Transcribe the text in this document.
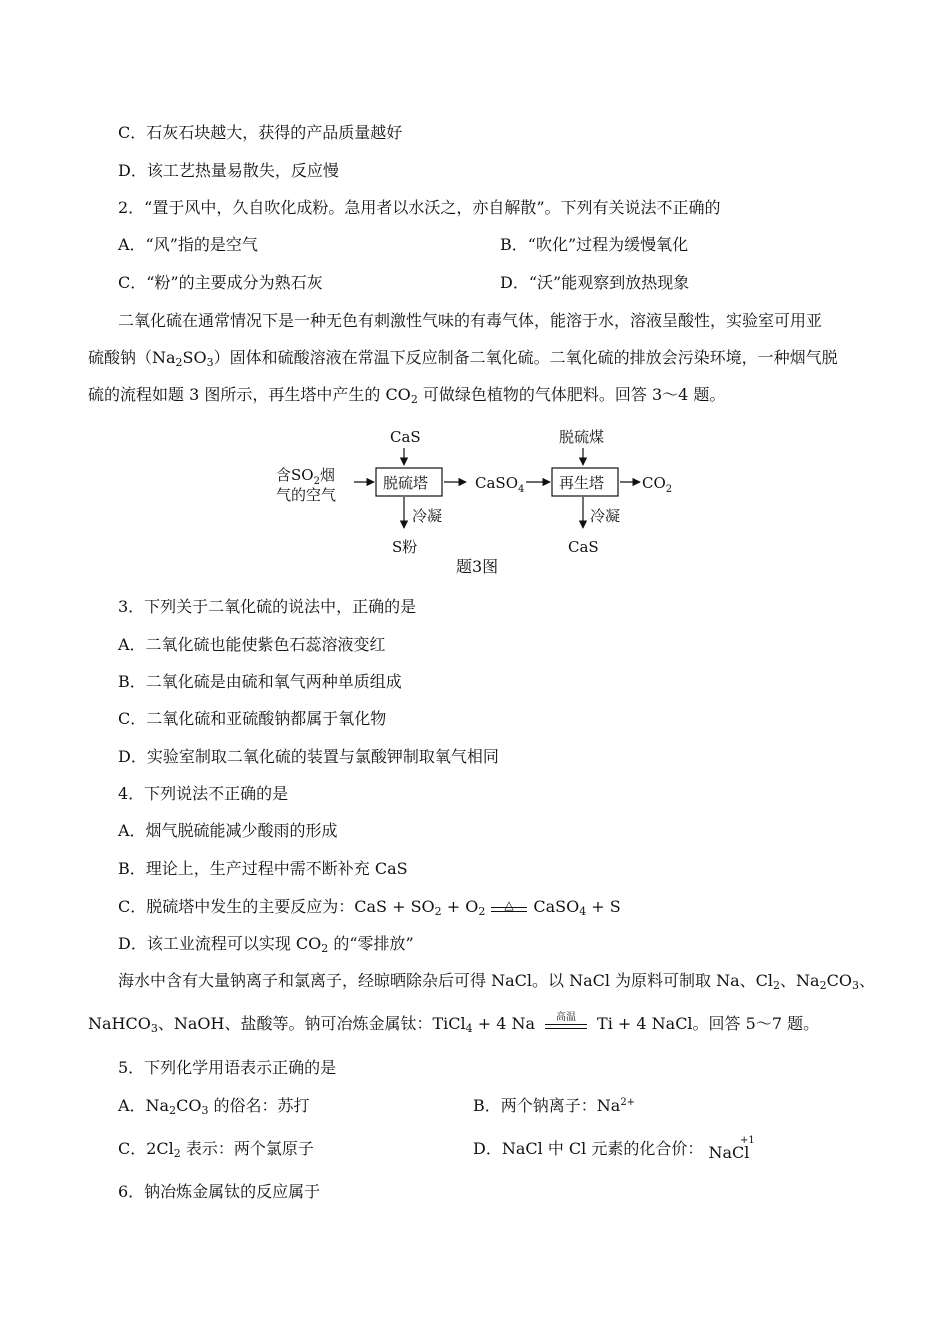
C．石灰石块越大，获得的产品质量越好
D．该工艺热量易散失，反应慢
2．“置于风中，久自吹化成粉。急用者以水沃之，亦自解散”。下列有关说法不正确的
A．“风”指的是空气	B．“吹化”过程为缓慢氧化
C．“粉”的主要成分为熟石灰	D．“沃”能观察到放热现象
二氧化硫在通常情况下是一种无色有刺激性气味的有毒气体，能溶于水，溶液呈酸性，实验室可用亚
硫酸钠$(Na_2SO_3)$固体和硫酸溶液在常温下反应制备二氧化硫。二氧化硫的排放会污染环境，一种烟气脱
硫的流程如题 3 图所示，再生塔中产生的 $CO_2$ 可做绿色植物的气体肥料。回答 3～4 题。
CaS	脱硫煤
含$SO_2$烟
气的空气
脱硫塔	CaSO$_4$ 再生塔	$CO_2$
冷凝
S粉
冷凝
CaS
题3图
3．下列关于二氧化硫的说法中，正确的是
A．二氧化硫也能使紫色石蕊溶液变红
B．二氧化硫是由硫和氧气两种单质组成
C．二氧化硫和亚硫酸钠都属于氧化物
D．实验室制取二氧化硫的装置与氯酸钾制取氧气相同
4．下列说法不正确的是
A．烟气脱硫能减少酸雨的形成
B．理论上，生产过程中需不断补充 CaS
C．脱硫塔中发生的主要反应为：CaS + $SO_2 + O_2$ △ CaSO$_4$ + S
D．该工业流程可以实现 $CO_2$ 的“零排放”
海水中含有大量钠离子和氯离子，经晾晒除杂后可得 NaCl。以 NaCl 为原料可制取 Na、$Cl_2$、$Na_2CO_3$、
NaHCO$_3$、NaOH、盐酸等。钠可冶炼金属钛：TiCl$_4$ + 4 Na	高温	Ti + 4 NaCl。回答 5～7 题。
5．下列化学用语表示正确的是
A．$Na_2CO_3$ 的俗名：苏打	B．两个钠离子：$Na^{2+}$
C．$2Cl_2$ 表示：两个氯原子	D．NaCl 中 Cl 元素的化合价： Na
+1
Cl
6．钠冶炼金属钛的反应属于
